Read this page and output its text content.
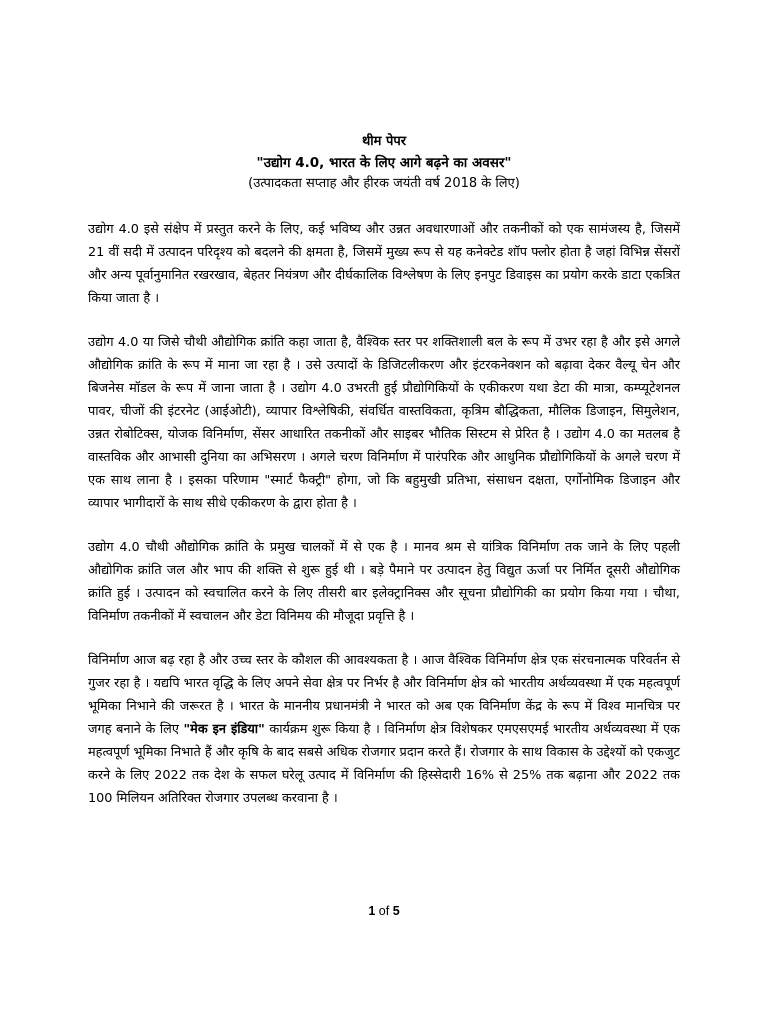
थीम पेपर
"उद्योग 4.0, भारत के लिए आगे बढ़ने का अवसर"
(उत्पादकता सप्ताह और हीरक जयंती वर्ष 2018 के लिए)

उद्योग 4.0 इसे संक्षेप में प्रस्तुत करने के लिए, कई भविष्य और उन्नत अवधारणाओं और तकनीकों को एक सामंजस्य है, जिसमें 21 वीं सदी में उत्पादन परिदृश्य को बदलने की क्षमता है, जिसमें मुख्य रूप से यह कनेक्टेड शॉप फ्लोर होता है जहां विभिन्न सेंसरों और अन्य पूर्वानुमानित रखरखाव, बेहतर नियंत्रण और दीर्घकालिक विश्लेषण के लिए इनपुट डिवाइस का प्रयोग करके डाटा एकत्रित किया जाता है ।

उद्योग 4.0 या जिसे चौथी औद्योगिक क्रांति कहा जाता है, वैश्विक स्तर पर शक्तिशाली बल के रूप में उभर रहा है और इसे अगले औद्योगिक क्रांति के रूप में माना जा रहा है । उसे उत्पादों के डिजिटलीकरण और इंटरकनेक्शन को बढ़ावा देकर वैल्यू चेन और बिजनेस मॉडल के रूप में जाना जाता है । उद्योग 4.0 उभरती हुई प्रौद्योगिकियों के एकीकरण यथा डेटा की मात्रा, कम्प्यूटेशनल पावर, चीजों की इंटरनेट (आईओटी), व्यापार विश्लेषिकी, संवर्धित वास्तविकता, कृत्रिम बौद्धिकता, मौलिक डिजाइन, सिमुलेशन, उन्नत रोबोटिक्स, योजक विनिर्माण, सेंसर आधारित तकनीकों और साइबर भौतिक सिस्टम से प्रेरित है । उद्योग 4.0 का मतलब है वास्तविक और आभासी दुनिया का अभिसरण । अगले चरण विनिर्माण में पारंपरिक और आधुनिक प्रौद्योगिकियों के अगले चरण में एक साथ लाना है । इसका परिणाम "स्मार्ट फैक्ट्री" होगा, जो कि बहुमुखी प्रतिभा, संसाधन दक्षता, एर्गोनोमिक डिजाइन और व्यापार भागीदारों के साथ सीधे एकीकरण के द्वारा होता है ।

उद्योग 4.0 चौथी औद्योगिक क्रांति के प्रमुख चालकों में से एक है । मानव श्रम से यांत्रिक विनिर्माण तक जाने के लिए पहली औद्योगिक क्रांति जल और भाप की शक्ति से शुरू हुई थी । बड़े पैमाने पर उत्पादन हेतु विद्युत ऊर्जा पर निर्मित दूसरी औद्योगिक क्रांति हुई । उत्पादन को स्वचालित करने के लिए तीसरी बार इलेक्ट्रानिक्स और सूचना प्रौद्योगिकी का प्रयोग किया गया । चौथा, विनिर्माण तकनीकों में स्वचालन और डेटा विनिमय की मौजूदा प्रवृत्ति है ।

विनिर्माण आज बढ़ रहा है और उच्च स्तर के कौशल की आवश्यकता है । आज वैश्विक विनिर्माण क्षेत्र एक संरचनात्मक परिवर्तन से गुजर रहा है । यद्यपि भारत वृद्धि के लिए अपने सेवा क्षेत्र पर निर्भर है और विनिर्माण क्षेत्र को भारतीय अर्थव्यवस्था में एक महत्वपूर्ण भूमिका निभाने की जरूरत है । भारत के माननीय प्रधानमंत्री ने भारत को अब एक विनिर्माण केंद्र के रूप में विश्व मानचित्र पर जगह बनाने के लिए "मेक इन इंडिया" कार्यक्रम शुरू किया है । विनिर्माण क्षेत्र विशेषकर एमएसएमई भारतीय अर्थव्यवस्था में एक महत्वपूर्ण भूमिका निभाते हैं और कृषि के बाद सबसे अधिक रोजगार प्रदान करते हैं। रोजगार के साथ विकास के उद्देश्यों को एकजुट करने के लिए 2022 तक देश के सफल घरेलू उत्पाद में विनिर्माण की हिस्सेदारी 16% से 25% तक बढ़ाना और 2022 तक 100 मिलियन अतिरिक्त रोजगार उपलब्ध करवाना है ।

1 of 5
